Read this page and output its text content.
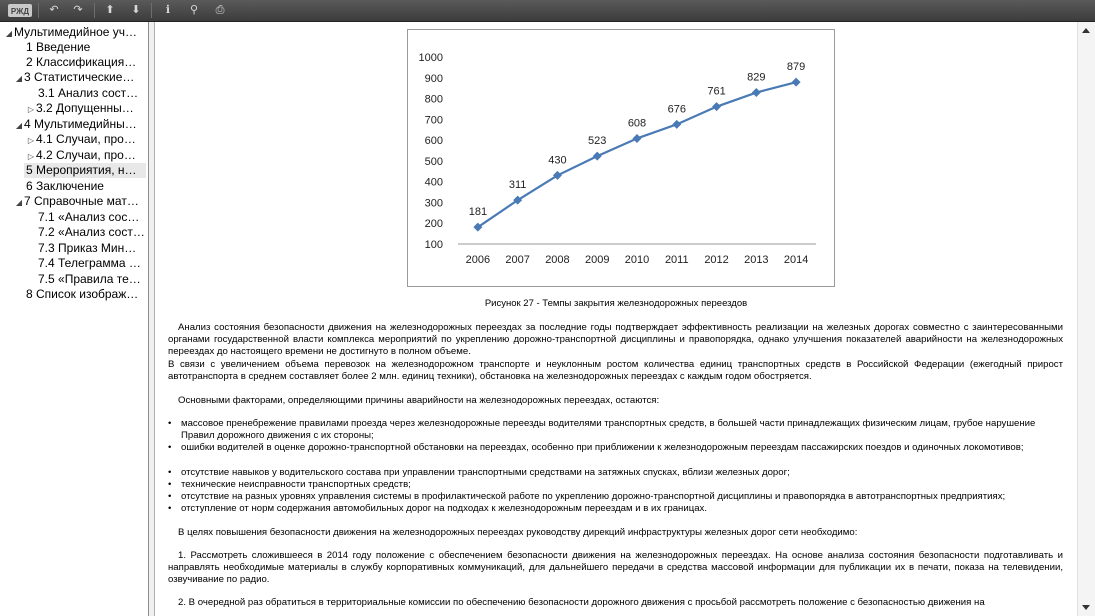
РЖД	↶	↷	⬆	⬇	ℹ	⚲	⎙
◢ Мультимедийное уч…
1 Введение
2 Классификация…
◢ 3 Статистические…
3.1 Анализ сост…
▷ 3.2 Допущенны…
◢ 4 Мультимедийны…
▷ 4.1 Случаи, про…
▷ 4.2 Случаи, про…
5 Мероприятия, н…
6 Заключение
◢ 7 Справочные мат…
7.1 «Анализ сос…
7.2 «Анализ сост…
7.3 Приказ Мин…
7.4 Телеграмма …
7.5 «Правила те…
8 Список изображ…
100
200
300
400
500
600
700
800
900
1000
2006 2007 2008 2009 2010 2011 2012 2013 2014
181
311
430
523
608
676
761
829
879
Рисунок 27 - Темпы закрытия железнодорожных переездов
Анализ состояния безопасности движения на железнодорожных переездах за последние годы подтверждает эффективность реализации на железных дорогах совместно с заинтересованными органами государственной власти комплекса мероприятий по укреплению дорожно-транспортной дисциплины и правопорядка, однако улучшения показателей аварийности на железнодорожных переездах до настоящего времени не достигнуто в полном объеме.
В связи с увеличением объема перевозок на железнодорожном транспорте и неуклонным ростом количества единиц транспортных средств в Российской Федерации (ежегодный прирост автотранспорта в среднем составляет более 2 млн. единиц техники), обстановка на железнодорожных переездах с каждым годом обостряется.
Основными факторами, определяющими причины аварийности на железнодорожных переездах, остаются:
•	массовое пренебрежение правилами проезда через железнодорожные переезды водителями транспортных средств, в большей части принадлежащих физическим лицам, грубое нарушение Правил дорожного движения с их стороны;
•	ошибки водителей в оценке дорожно-транспортной обстановки на переездах, особенно при приближении к железнодорожным переездам пассажирских поездов и одиночных локомотивов;
•	отсутствие навыков у водительского состава при управлении транспортными средствами на затяжных спусках, вблизи железных дорог;
•	технические неисправности транспортных средств;
•	отсутствие на разных уровнях управления системы в профилактической работе по укреплению дорожно-транспортной дисциплины и правопорядка в автотранспортных предприятиях;
•	отступление от норм содержания автомобильных дорог на подходах к железнодорожным переездам и в их границах.
В целях повышения безопасности движения на железнодорожных переездах руководству дирекций инфраструктуры железных дорог сети необходимо:
1. Рассмотреть сложившееся в 2014 году положение с обеспечением безопасности движения на железнодорожных переездах. На основе анализа состояния безопасности подготавливать и направлять необходимые материалы в службу корпоративных коммуникаций, для дальнейшего передачи в средства массовой информации для публикации их в печати, показа на телевидении, озвучивание по радио.
2. В очередной раз обратиться в территориальные комиссии по обеспечению безопасности дорожного движения с просьбой рассмотреть положение с безопасностью движения на
